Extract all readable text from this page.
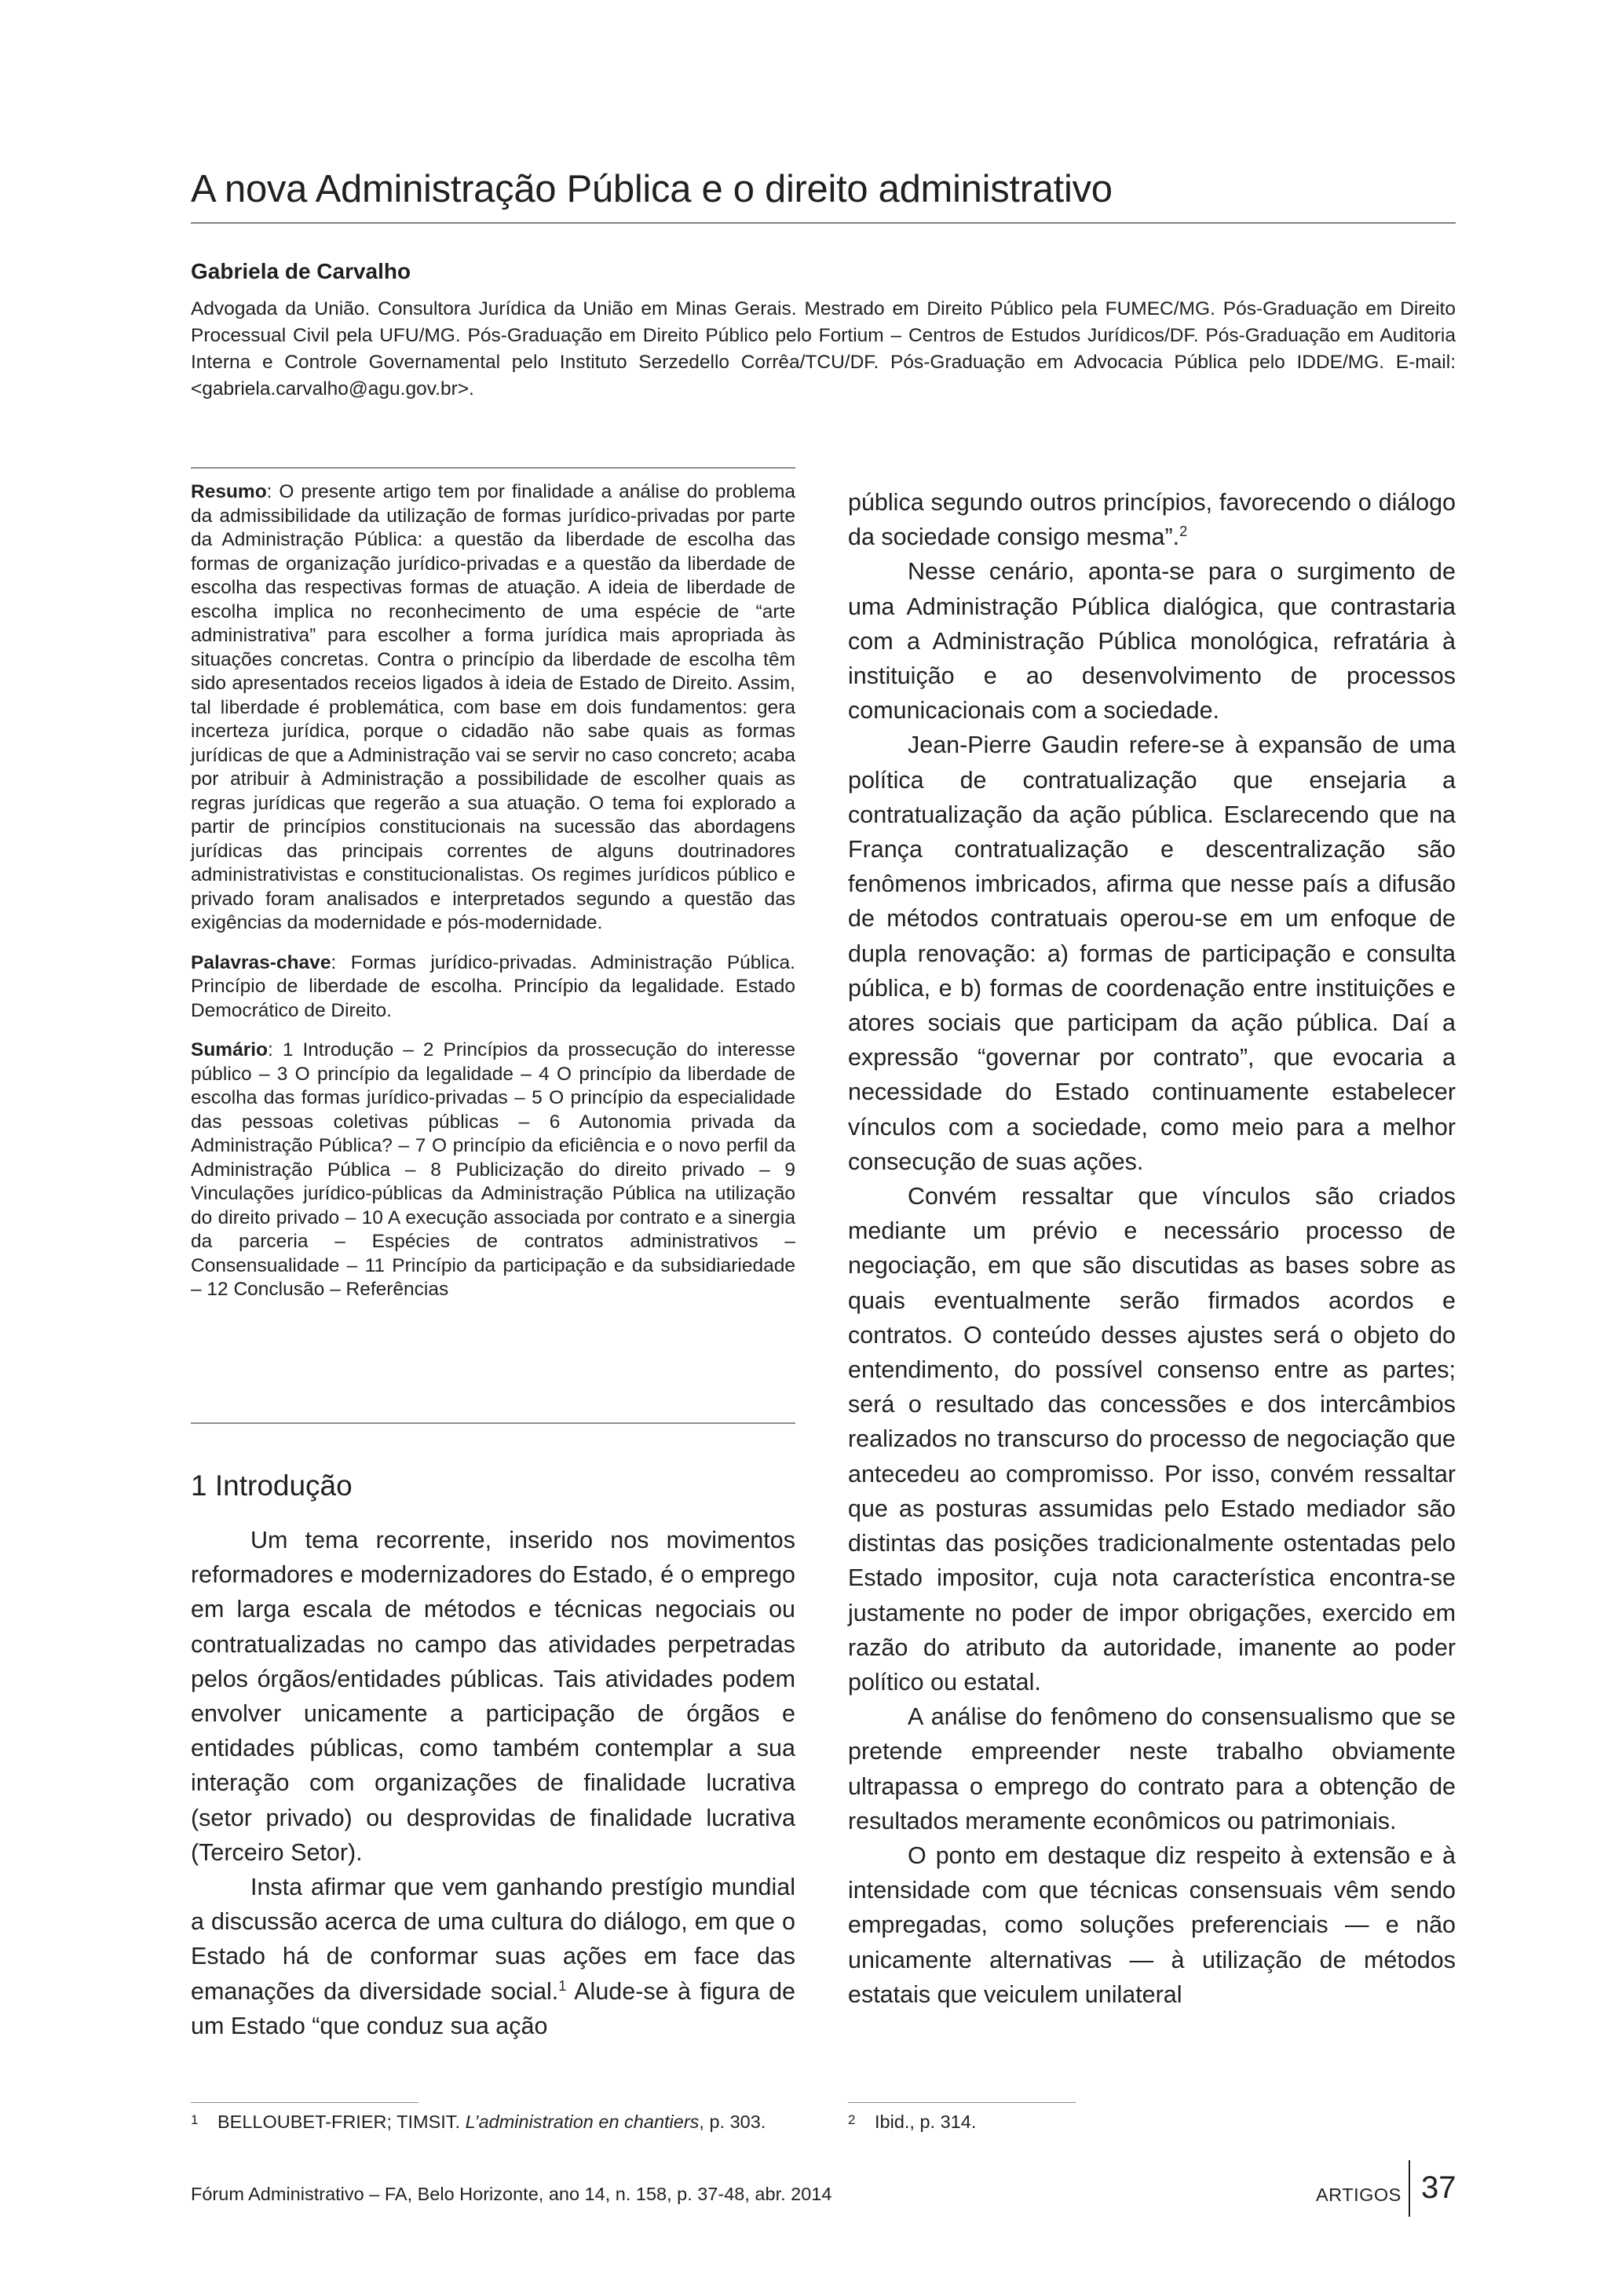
A nova Administração Pública e o direito administrativo
Gabriela de Carvalho
Advogada da União. Consultora Jurídica da União em Minas Gerais. Mestrado em Direito Público pela FUMEC/MG. Pós-Graduação em Direito Processual Civil pela UFU/MG. Pós-Graduação em Direito Público pelo Fortium – Centros de Estudos Jurídicos/DF. Pós-Graduação em Auditoria Interna e Controle Governamental pelo Instituto Serzedello Corrêa/TCU/DF. Pós-Graduação em Advocacia Pública pelo IDDE/MG. E-mail: <gabriela.carvalho@agu.gov.br>.

Resumo: O presente artigo tem por finalidade a análise do problema da admissibilidade da utilização de formas jurídico-privadas por parte da Administração Pública: a questão da liberdade de escolha das formas de organização jurídico-privadas e a questão da liberdade de escolha das respectivas formas de atuação. A ideia de liberdade de escolha implica no reconhecimento de uma espécie de “arte administrativa” para escolher a forma jurídica mais apropriada às situações concretas. Contra o princípio da liberdade de escolha têm sido apresentados receios ligados à ideia de Estado de Direito. Assim, tal liberdade é problemática, com base em dois fundamentos: gera incerteza jurídica, porque o cidadão não sabe quais as formas jurídicas de que a Administração vai se servir no caso concreto; acaba por atribuir à Administração a possibilidade de escolher quais as regras jurídicas que regerão a sua atuação. O tema foi explorado a partir de princípios constitucionais na sucessão das abordagens jurídicas das principais correntes de alguns doutrinadores administrativistas e constitucionalistas. Os regimes jurídicos público e privado foram analisados e interpretados segundo a questão das exigências da modernidade e pós-modernidade.

Palavras-chave: Formas jurídico-privadas. Administração Pública. Princípio de liberdade de escolha. Princípio da legalidade. Estado Democrático de Direito.

Sumário: 1 Introdução – 2 Princípios da prossecução do interesse público – 3 O princípio da legalidade – 4 O princípio da liberdade de escolha das formas jurídico-privadas – 5 O princípio da especialidade das pessoas coletivas públicas – 6 Autonomia privada da Administração Pública? – 7 O princípio da eficiência e o novo perfil da Administração Pública – 8 Publicização do direito privado – 9 Vinculações jurídico-públicas da Administração Pública na utilização do direito privado – 10 A execução associada por contrato e a sinergia da parceria – Espécies de contratos administrativos – Consensualidade – 11 Princípio da participação e da subsidiariedade – 12 Conclusão – Referências

1 Introdução

Um tema recorrente, inserido nos movimentos reformadores e modernizadores do Estado, é o emprego em larga escala de métodos e técnicas negociais ou contratualizadas no campo das atividades perpetradas pelos órgãos/entidades públicas. Tais atividades podem envolver unicamente a participação de órgãos e entidades públicas, como também contemplar a sua interação com organizações de finalidade lucrativa (setor privado) ou desprovidas de finalidade lucrativa (Terceiro Setor).

Insta afirmar que vem ganhando prestígio mundial a discussão acerca de uma cultura do diálogo, em que o Estado há de conformar suas ações em face das emanações da diversidade social.$^1$ Alude-se à figura de um Estado “que conduz sua ação

pública segundo outros princípios, favorecendo o diálogo da sociedade consigo mesma”.$^2$

Nesse cenário, aponta-se para o surgimento de uma Administração Pública dialógica, que contrastaria com a Administração Pública monológica, refratária à instituição e ao desenvolvimento de processos comunicacionais com a sociedade.

Jean-Pierre Gaudin refere-se à expansão de uma política de contratualização que ensejaria a contratualização da ação pública. Esclarecendo que na França contratualização e descentralização são fenômenos imbricados, afirma que nesse país a difusão de métodos contratuais operou-se em um enfoque de dupla renovação: a) formas de participação e consulta pública, e b) formas de coordenação entre instituições e atores sociais que participam da ação pública. Daí a expressão “governar por contrato”, que evocaria a necessidade do Estado continuamente estabelecer vínculos com a sociedade, como meio para a melhor consecução de suas ações.

Convém ressaltar que vínculos são criados mediante um prévio e necessário processo de negociação, em que são discutidas as bases sobre as quais eventualmente serão firmados acordos e contratos. O conteúdo desses ajustes será o objeto do entendimento, do possível consenso entre as partes; será o resultado das concessões e dos intercâmbios realizados no transcurso do processo de negociação que antecedeu ao compromisso. Por isso, convém ressaltar que as posturas assumidas pelo Estado mediador são distintas das posições tradicionalmente ostentadas pelo Estado impositor, cuja nota característica encontra-se justamente no poder de impor obrigações, exercido em razão do atributo da autoridade, imanente ao poder político ou estatal.

A análise do fenômeno do consensualismo que se pretende empreender neste trabalho obviamente ultrapassa o emprego do contrato para a obtenção de resultados meramente econômicos ou patrimoniais.

O ponto em destaque diz respeito à extensão e à intensidade com que técnicas consensuais vêm sendo empregadas, como soluções preferenciais — e não unicamente alternativas — à utilização de métodos estatais que veiculem unilateral

1 BELLOUBET-FRIER; TIMSIT. L’administration en chantiers, p. 303.	2 Ibid., p. 314.
Fórum Administrativo – FA, Belo Horizonte, ano 14, n. 158, p. 37-48, abr. 2014	ARTIGOS 37
